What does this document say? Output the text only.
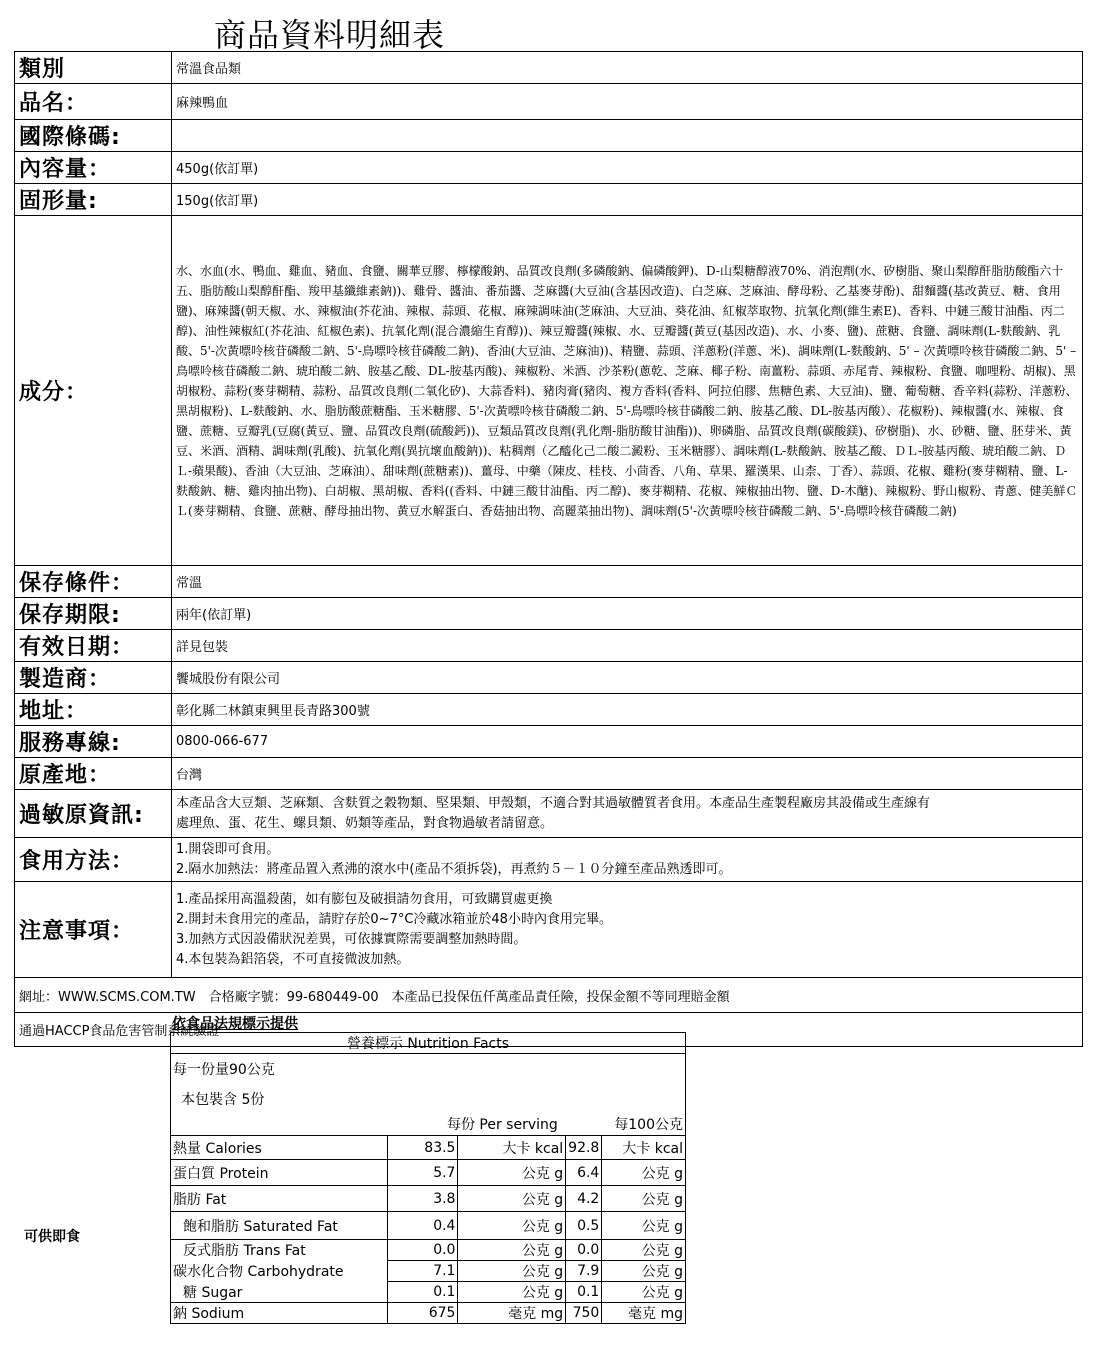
商品資料明細表
類別	常溫食品類
品名：	麻辣鴨血
國際條碼:	
內容量：	450g(依訂單)
固形量:	150g(依訂單)
成分：	水、水血(水、鴨血、雞血、豬血、食鹽、關華豆膠、檸檬酸鈉、品質改良劑(多磷酸鈉、偏磷酸鉀)、D-山梨糖醇液70%、消泡劑(水、矽樹脂、聚山梨醇酐脂肪酸酯六十五、脂肪酸山梨醇酐酯、羧甲基纖維素鈉))、雞骨、醬油、番茄醬、芝麻醬(大豆油(含基因改造)、白芝麻、芝麻油、酵母粉、乙基麥芽酚)、甜麵醬(基改黃豆、糖、食用鹽)、麻辣醬(朝天椒、水、辣椒油(芥花油、辣椒、蒜頭、花椒、麻辣調味油(芝麻油、大豆油、葵花油、紅椒萃取物、抗氧化劑(維生素E)、香料、中鏈三酸甘油酯、丙二醇)、油性辣椒紅(芥花油、紅椒色素)、抗氧化劑(混合濃縮生育醇))、辣豆瓣醬(辣椒、水、豆瓣醬(黃豆(基因改造)、水、小麥、鹽)、蔗糖、食鹽、調味劑(L-麩酸鈉、乳酸、5'-次黃嘌呤核苷磷酸二鈉、5'-鳥嘌呤核苷磷酸二鈉)、香油(大豆油、芝麻油))、精鹽、蒜頭、洋蔥粉(洋蔥、米)、調味劑(L-麩酸鈉、5' – 次黃嘌呤核苷磷酸二鈉、5' – 鳥嘌呤核苷磷酸二鈉、琥珀酸二鈉、胺基乙酸、DL-胺基丙酸)、辣椒粉、米酒、沙茶粉(蔥乾、芝麻、椰子粉、南薑粉、蒜頭、赤尾青、辣椒粉、食鹽、咖哩粉、胡椒)、黑胡椒粉、蒜粉(麥芽糊精、蒜粉、品質改良劑(二氧化矽)、大蒜香料)、豬肉膏(豬肉、複方香料(香料、阿拉伯膠、焦糖色素、大豆油)、鹽、葡萄糖、香辛料(蒜粉、洋蔥粉、黑胡椒粉)、L-麩酸鈉、水、脂肪酸蔗糖酯、玉米糖膠、5'-次黃嘌呤核苷磷酸二鈉、5'-鳥嘌呤核苷磷酸二鈉、胺基乙酸、DL-胺基丙酸）、花椒粉)、辣椒醬(水、辣椒、食鹽、蔗糖、豆瓣乳(豆腐(黃豆、鹽、品質改良劑(硫酸鈣))、豆類品質改良劑(乳化劑-脂肪酸甘油酯))、卵磷脂、品質改良劑(碳酸鎂)、矽樹脂)、水、砂糖、鹽、胚芽米、黃豆、米酒、酒精、調味劑(乳酸)、抗氧化劑(異抗壞血酸鈉))、粘稠劑（乙醯化己二酸二澱粉、玉米糖膠）、調味劑(L-麩酸鈉、胺基乙酸、ＤＬ-胺基丙酸、琥珀酸二鈉、ＤＬ-蘋果酸)、香油（大豆油、芝麻油）、甜味劑(蔗糖素))、薑母、中藥（陳皮、桂枝、小茴香、八角、草果、羅漢果、山柰、丁香）、蒜頭、花椒、雞粉(麥芽糊精、鹽、L-麩酸鈉、糖、雞肉抽出物)、白胡椒、黑胡椒、香料((香料、中鏈三酸甘油酯、丙二醇)、麥芽糊精、花椒、辣椒抽出物、鹽、D-木醣)、辣椒粉、野山椒粉、青蔥、健美鮮ＣＬ(麥芽糊精、食鹽、蔗糖、酵母抽出物、黃豆水解蛋白、香菇抽出物、高麗菜抽出物)、調味劑(5'-次黃嘌呤核苷磷酸二鈉、5'-鳥嘌呤核苷磷酸二鈉)
保存條件：	常溫
保存期限:	兩年(依訂單)
有效日期：	詳見包裝
製造商：	饗城股份有限公司
地址：	彰化縣二林鎮東興里長青路300號
服務專線:	0800-066-677
原產地：	台灣
過敏原資訊:	本產品含大豆類、芝麻類、含麩質之穀物類、堅果類、甲殼類，不適合對其過敏體質者食用。本產品生產製程廠房其設備或生產線有
處理魚、蛋、花生、螺貝類、奶類等產品，對食物過敏者請留意。

食用方法：	1.開袋即可食用。
2.隔水加熱法：將產品置入煮沸的滾水中(產品不須拆袋)，再煮約５－１０分鐘至產品熟透即可。

注意事項：	1.產品採用高溫殺菌，如有膨包及破損請勿食用，可致購買處更換
2.開封未食用完的產品，請貯存於0~7°C冷藏冰箱並於48小時內食用完畢。
3.加熱方式因設備狀況差異，可依據實際需要調整加熱時間。
4.本包裝為鋁箔袋，不可直接微波加熱。

網址：WWW.SCMS.COM.TW　合格廠字號：99-680449-00　本產品已投保伍仟萬產品責任險，投保金額不等同理賠金額	
通過HACCP食品危害管制系統驗證	
依食品法規標示提供
可供即食
營養標示 Nutrition Facts				
每一份量90公克				
本包裝含 5份				
	每份 Per serving		每100公克	
熱量 Calories	83.5	大卡 kcal	92.8	大卡 kcal
蛋白質 Protein	5.7	公克 g	6.4	公克 g
脂肪 Fat	3.8	公克 g	4.2	公克 g
飽和脂肪 Saturated Fat	0.4	公克 g	0.5	公克 g
反式脂肪 Trans Fat	0.0	公克 g	0.0	公克 g
碳水化合物 Carbohydrate	7.1	公克 g	7.9	公克 g
糖 Sugar	0.1	公克 g	0.1	公克 g
鈉 Sodium	675	毫克 mg	750	毫克 mg
